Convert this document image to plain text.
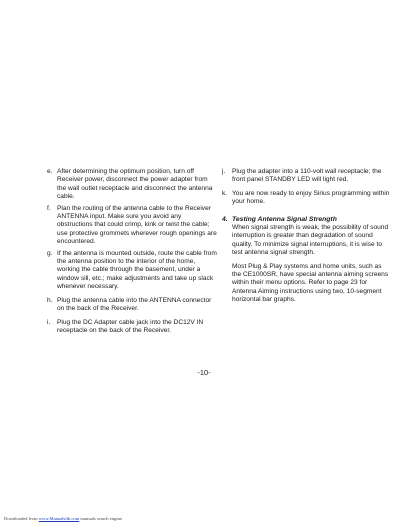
e. After determining the optimum position, turn off Receiver power, disconnect the power adapter from the wall outlet receptacle and disconnect the antenna cable.
f. Plan the routing of the antenna cable to the Receiver ANTENNA input. Make sure you avoid any obstructions that could crimp, kink or twist the cable; use protective grommets wherever rough openings are encountered.
g. If the antenna is mounted outside, route the cable from the antenna position to the interior of the home, working the cable through the basement, under a window sill, etc.; make adjustments and take up slack whenever necessary.
h. Plug the antenna cable into the ANTENNA connector on the back of the Receiver.
i.	Plug the DC Adapter cable jack into the DC12V IN receptacle on the back of the Receiver.
j.	Plug the adapter into a 110-volt wall receptacle; the front panel STANDBY LED will light red.
k. You are now ready to enjoy Sirius programming within your home.
4. Testing Antenna Signal Strength

When signal strength is weak, the possibility of sound interruption is greater than degradation of sound quality. To minimize signal interruptions, it is wise to test antenna signal strength.

Most Plug & Play systems and home units, such as the CE1000SR, have special antenna aiming screens within their menu options. Refer to page 23 for Antenna Aiming instructions using two, 10-segment horizontal bar graphs.

-10-
Downloaded from www.Manualslib.com manuals search engine
